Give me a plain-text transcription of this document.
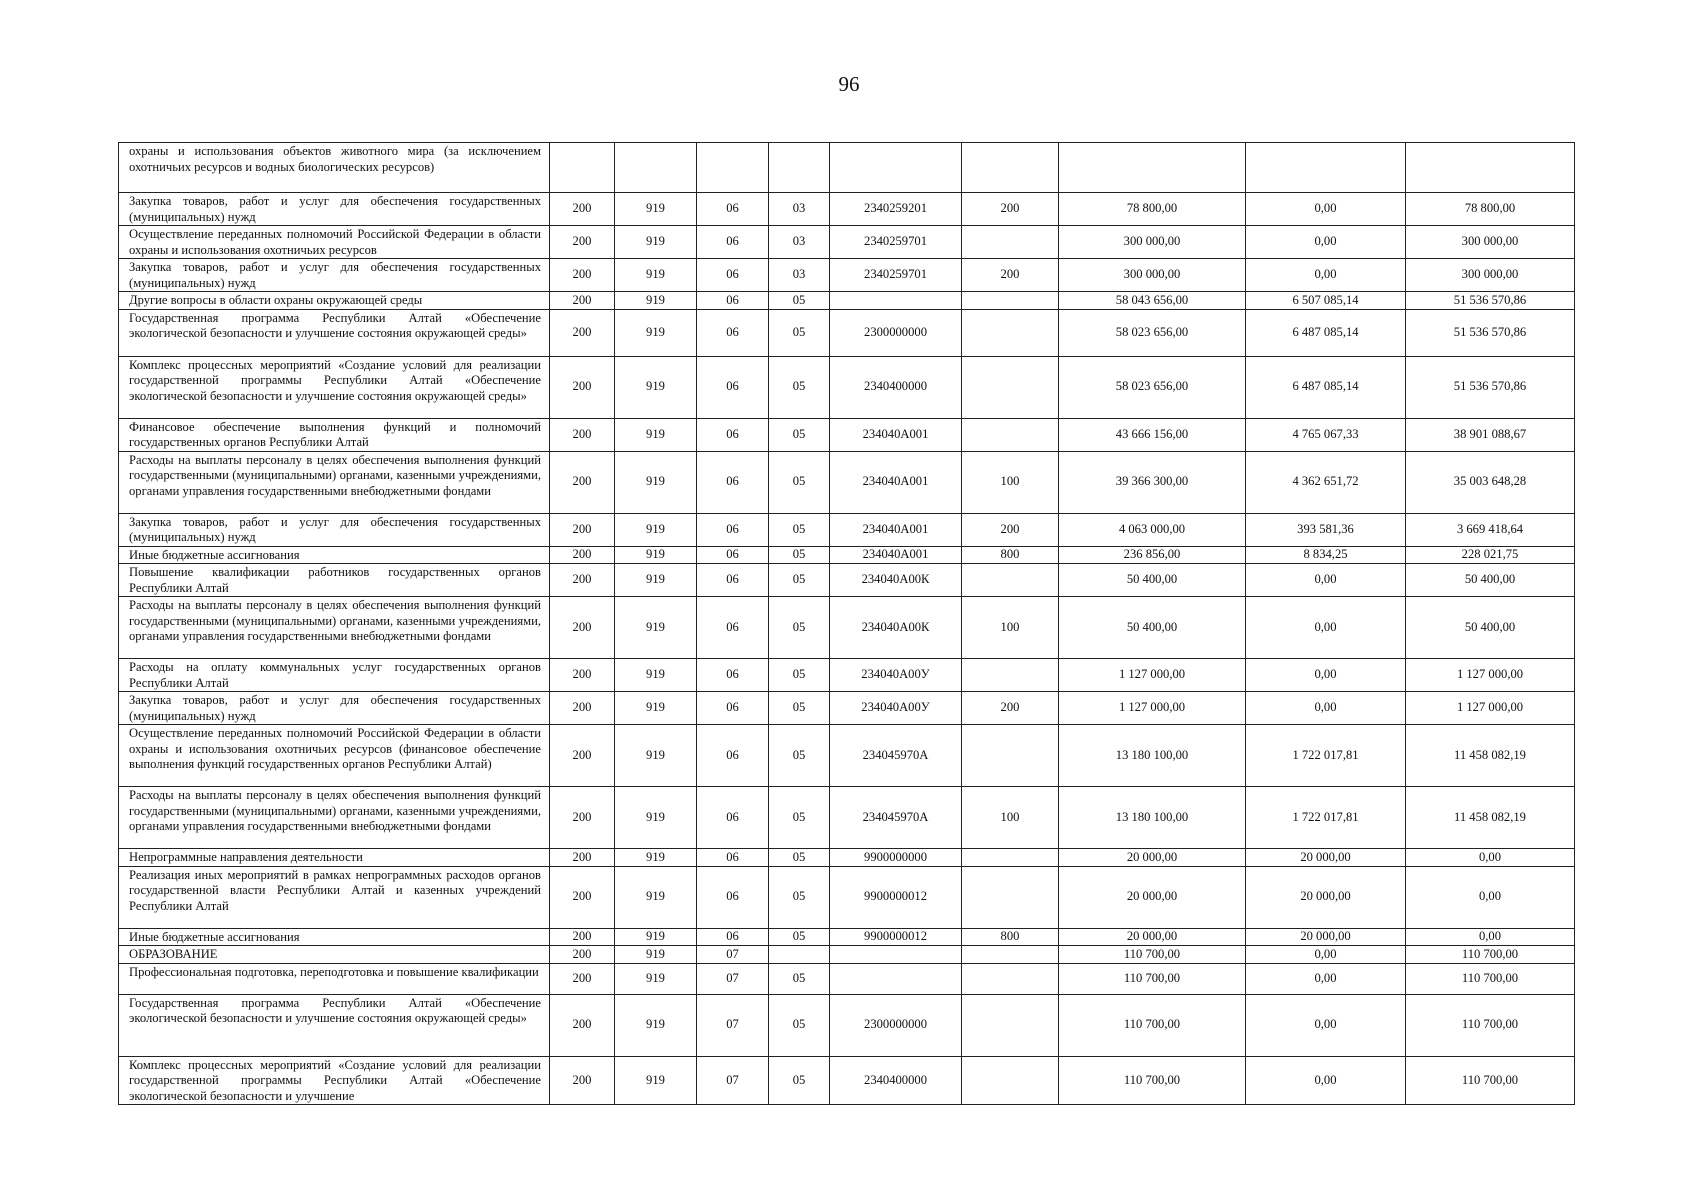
96
охраны и использования объектов животного мира (за исключением охотничьих ресурсов и водных биологических ресурсов)									
Закупка товаров, работ и услуг для обеспечения государственных (муниципальных) нужд	200	919	06	03	2340259201	200	78 800,00	0,00	78 800,00
Осуществление переданных полномочий Российской Федерации в области охраны и использования охотничьих ресурсов	200	919	06	03	2340259701		300 000,00	0,00	300 000,00
Закупка товаров, работ и услуг для обеспечения государственных (муниципальных) нужд	200	919	06	03	2340259701	200	300 000,00	0,00	300 000,00
Другие вопросы в области охраны окружающей среды	200	919	06	05			58 043 656,00	6 507 085,14	51 536 570,86
Государственная программа Республики Алтай «Обеспечение экологической безопасности и улучшение состояния окружающей среды»	200	919	06	05	2300000000		58 023 656,00	6 487 085,14	51 536 570,86
Комплекс процессных мероприятий «Создание условий для реализации государственной программы Республики Алтай «Обеспечение экологической безопасности и улучшение состояния окружающей среды»	200	919	06	05	2340400000		58 023 656,00	6 487 085,14	51 536 570,86
Финансовое обеспечение выполнения функций и полномочий государственных органов Республики Алтай	200	919	06	05	234040А001		43 666 156,00	4 765 067,33	38 901 088,67
Расходы на выплаты персоналу в целях обеспечения выполнения функций государственными (муниципальными) органами, казенными учреждениями, органами управления государственными внебюджетными фондами	200	919	06	05	234040А001	100	39 366 300,00	4 362 651,72	35 003 648,28
Закупка товаров, работ и услуг для обеспечения государственных (муниципальных) нужд	200	919	06	05	234040А001	200	4 063 000,00	393 581,36	3 669 418,64
Иные бюджетные ассигнования	200	919	06	05	234040А001	800	236 856,00	8 834,25	228 021,75
Повышение квалификации работников государственных органов Республики Алтай	200	919	06	05	234040А00К		50 400,00	0,00	50 400,00
Расходы на выплаты персоналу в целях обеспечения выполнения функций государственными (муниципальными) органами, казенными учреждениями, органами управления государственными внебюджетными фондами	200	919	06	05	234040А00К	100	50 400,00	0,00	50 400,00
Расходы на оплату коммунальных услуг государственных органов Республики Алтай	200	919	06	05	234040А00У		1 127 000,00	0,00	1 127 000,00
Закупка товаров, работ и услуг для обеспечения государственных (муниципальных) нужд	200	919	06	05	234040А00У	200	1 127 000,00	0,00	1 127 000,00
Осуществление переданных полномочий Российской Федерации в области охраны и использования охотничьих ресурсов (финансовое обеспечение выполнения функций государственных органов Республики Алтай)	200	919	06	05	234045970А		13 180 100,00	1 722 017,81	11 458 082,19
Расходы на выплаты персоналу в целях обеспечения выполнения функций государственными (муниципальными) органами, казенными учреждениями, органами управления государственными внебюджетными фондами	200	919	06	05	234045970А	100	13 180 100,00	1 722 017,81	11 458 082,19
Непрограммные направления деятельности	200	919	06	05	9900000000		20 000,00	20 000,00	0,00
Реализация иных мероприятий в рамках непрограммных расходов органов государственной власти Республики Алтай и казенных учреждений Республики Алтай	200	919	06	05	9900000012		20 000,00	20 000,00	0,00
Иные бюджетные ассигнования	200	919	06	05	9900000012	800	20 000,00	20 000,00	0,00
ОБРАЗОВАНИЕ	200	919	07				110 700,00	0,00	110 700,00
Профессиональная подготовка, переподготовка и повышение квалификации	200	919	07	05			110 700,00	0,00	110 700,00
Государственная программа Республики Алтай «Обеспечение экологической безопасности и улучшение состояния окружающей среды»	200	919	07	05	2300000000		110 700,00	0,00	110 700,00
Комплекс процессных мероприятий «Создание условий для реализации государственной программы Республики Алтай «Обеспечение экологической безопасности и улучшение	200	919	07	05	2340400000		110 700,00	0,00	110 700,00
